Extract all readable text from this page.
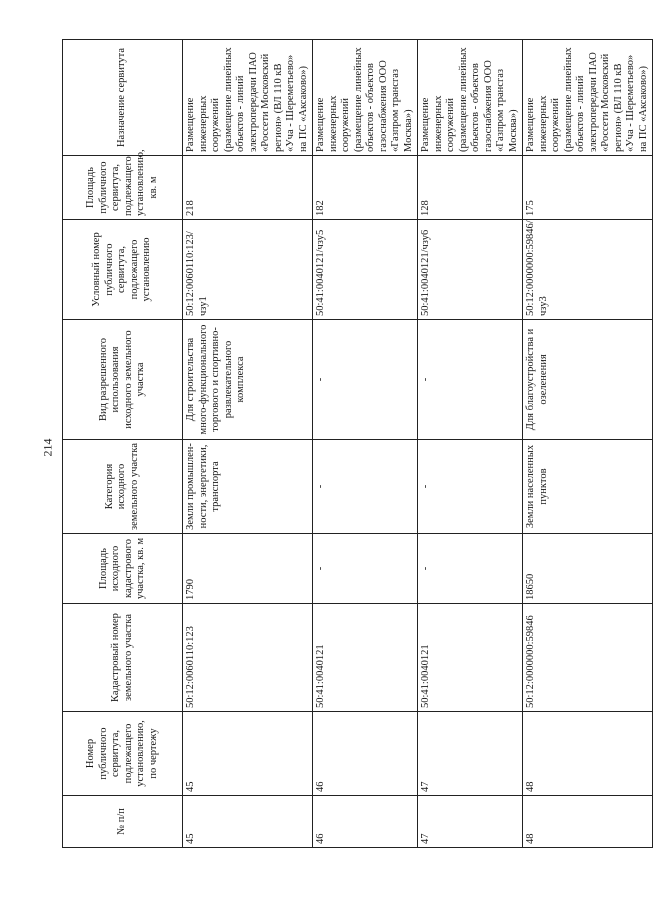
214
№ п/п	Номер публичного сервитута, подлежащего установлению, по чертежу	Кадастровый номер земельного участка	Площадь исходного кадастрового участка, кв. м	Категория исходного земельного участка	Вид разрешенного использования исходного земельного участка	Условный номер публичного сервитута, подлежащего установлению	Площадь публичного сервитута, подлежащего установлению, кв. м	Назначение сервитута
45	45	50:12:0060110:123	1790	Земли промышлен-ности, энергетики, транспорта	Для строительства много-функционального торгового и спортивно-развлекательного комплекса	50:12:0060110:123/чзу1	218	Размещение инженерных сооружений (размещение линейных объектов - линий электропередачи ПАО «Россети Московский регион» (ВЛ 110 кВ «Уча - Шереметьево» на ПС «Аксаково»)
46	46	50:41:0040121	-	-	-	50:41:0040121/чзу5	182	Размещение инженерных сооружений (размещение линейных объектов - объектов газоснабжения ООО «Газпром трансгаз Москва»)
47	47	50:41:0040121	-	-	-	50:41:0040121/чзу6	128	Размещение инженерных сооружений (размещение линейных объектов - объектов газоснабжения ООО «Газпром трансгаз Москва»)
48	48	50:12:0000000:59846	18650	Земли населенных пунктов	Для благоустройства и озеленения	50:12:0000000:59846/чзу3	175	Размещение инженерных сооружений (размещение линейных объектов - линий электропередачи ПАО «Россети Московский регион» (ВЛ 110 кВ «Уча - Шереметьево» на ПС «Аксаково»)
